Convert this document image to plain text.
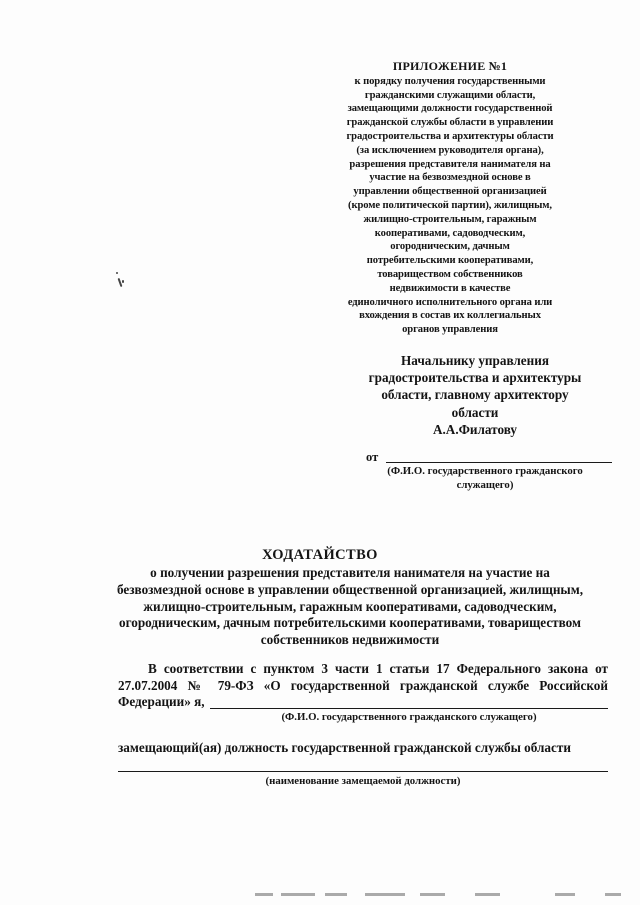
ПРИЛОЖЕНИЕ №1
к порядку получения государственными
гражданскими служащими области,
замещающими должности государственной
гражданской службы области в управлении
градостроительства и архитектуры области
(за исключением руководителя органа),
разрешения представителя нанимателя на
участие на безвозмездной основе в
управлении общественной организацией
(кроме политической партии), жилищным,
жилищно-строительным, гаражным
кооперативами, садоводческим,
огородническим, дачным
потребительскими кооперативами,
товариществом собственников
недвижимости в качестве
единоличного исполнительного органа или
вхождения в состав их коллегиальных
органов управления
Начальнику управления
градостроительства и архитектуры
области, главному архитектору
области
А.А.Филатову
от
(Ф.И.О. государственного гражданского
служащего)
ХОДАТАЙСТВО
о получении разрешения представителя нанимателя на участие на
безвозмездной основе в управлении общественной организацией, жилищным,
жилищно-строительным, гаражным кооперативами, садоводческим,
огородническим, дачным потребительскими кооперативами, товариществом
собственников недвижимости
В соответствии с пунктом 3 части 1 статьи 17 Федерального закона от
27.07.2004 № 79-ФЗ «О государственной гражданской службе Российской
Федерации» я,
(Ф.И.О. государственного гражданского служащего)
замещающий(ая) должность государственной гражданской службы области
(наименование замещаемой должности)
